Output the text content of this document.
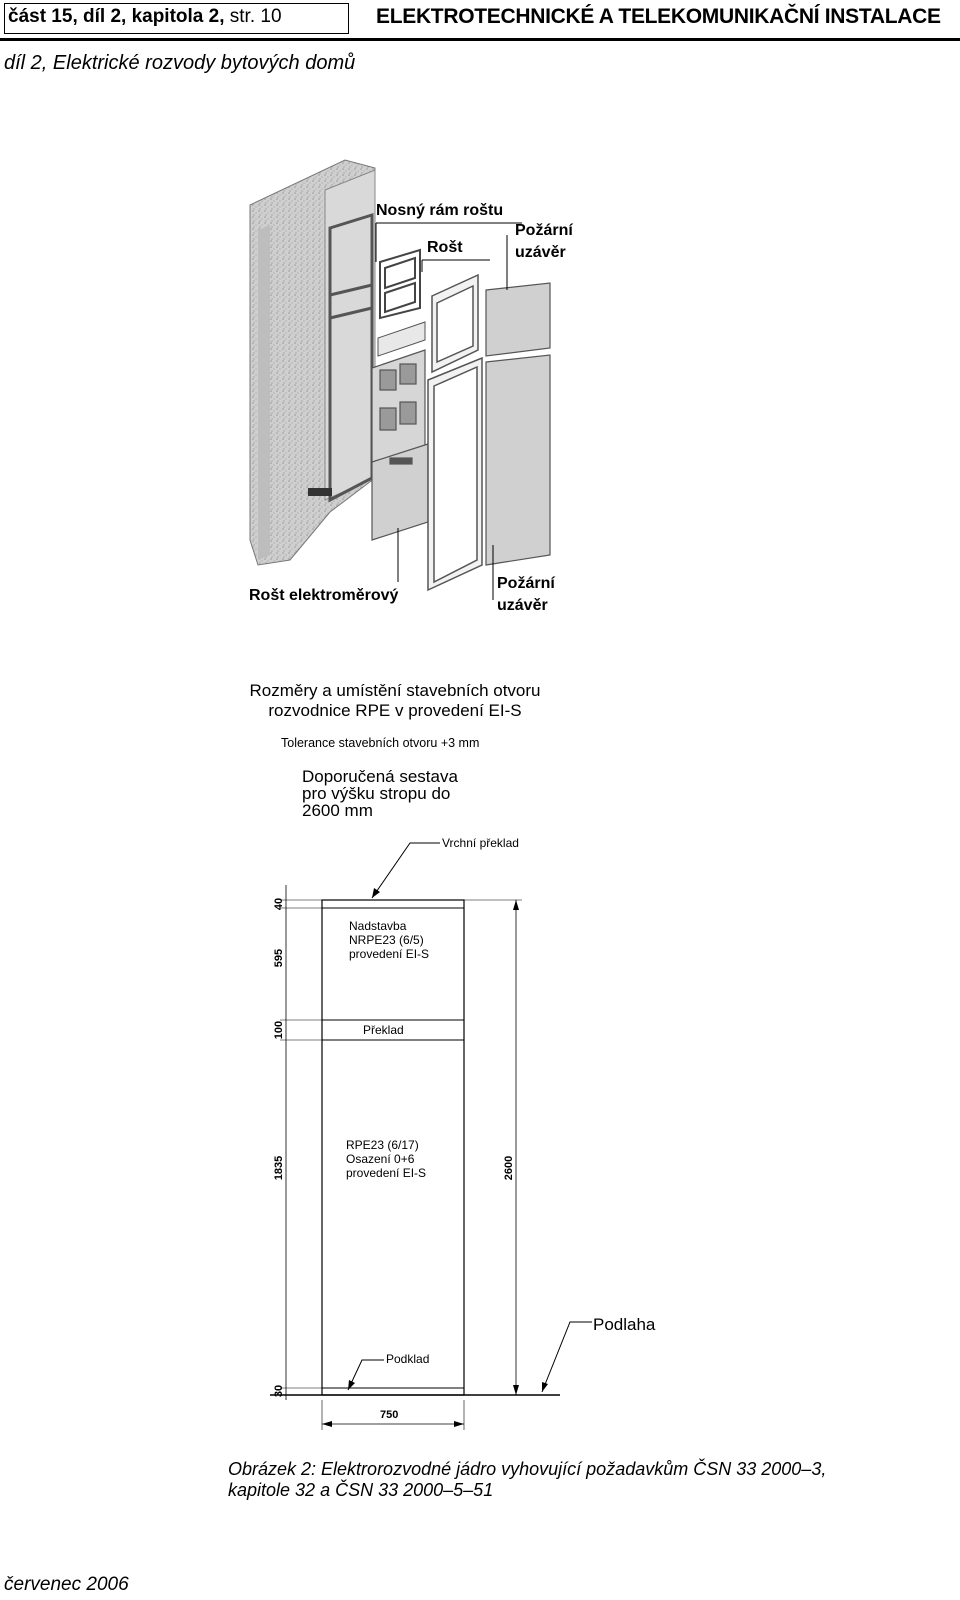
část 15, díl 2, kapitola 2, str. 10	ELEKTROTECHNICKÉ A TELEKOMUNIKAČNÍ INSTALACE
díl 2, Elektrické rozvody bytových domů
Nosný rám roštu
Rošt
Požární
uzávěr
Rošt elektroměrový
Požární
uzávěr
Rozměry a umístění stavebních otvoru
rozvodnice RPE v provedení EI-S
Tolerance stavebních otvoru +3 mm
Doporučená sestava
pro výšku stropu do
2600 mm
Vrchní překlad
Nadstavba
NRPE23 (6/5)
provedení EI-S
Překlad
RPE23 (6/17)
Osazení 0+6
provedení EI-S
Podlaha
Podklad
40
595
100
1835
30
2600
750
Obrázek 2: Elektrorozvodné jádro vyhovující požadavkům ČSN 33 2000–3,
kapitole 32 a ČSN 33 2000–5–51
červenec 2006
